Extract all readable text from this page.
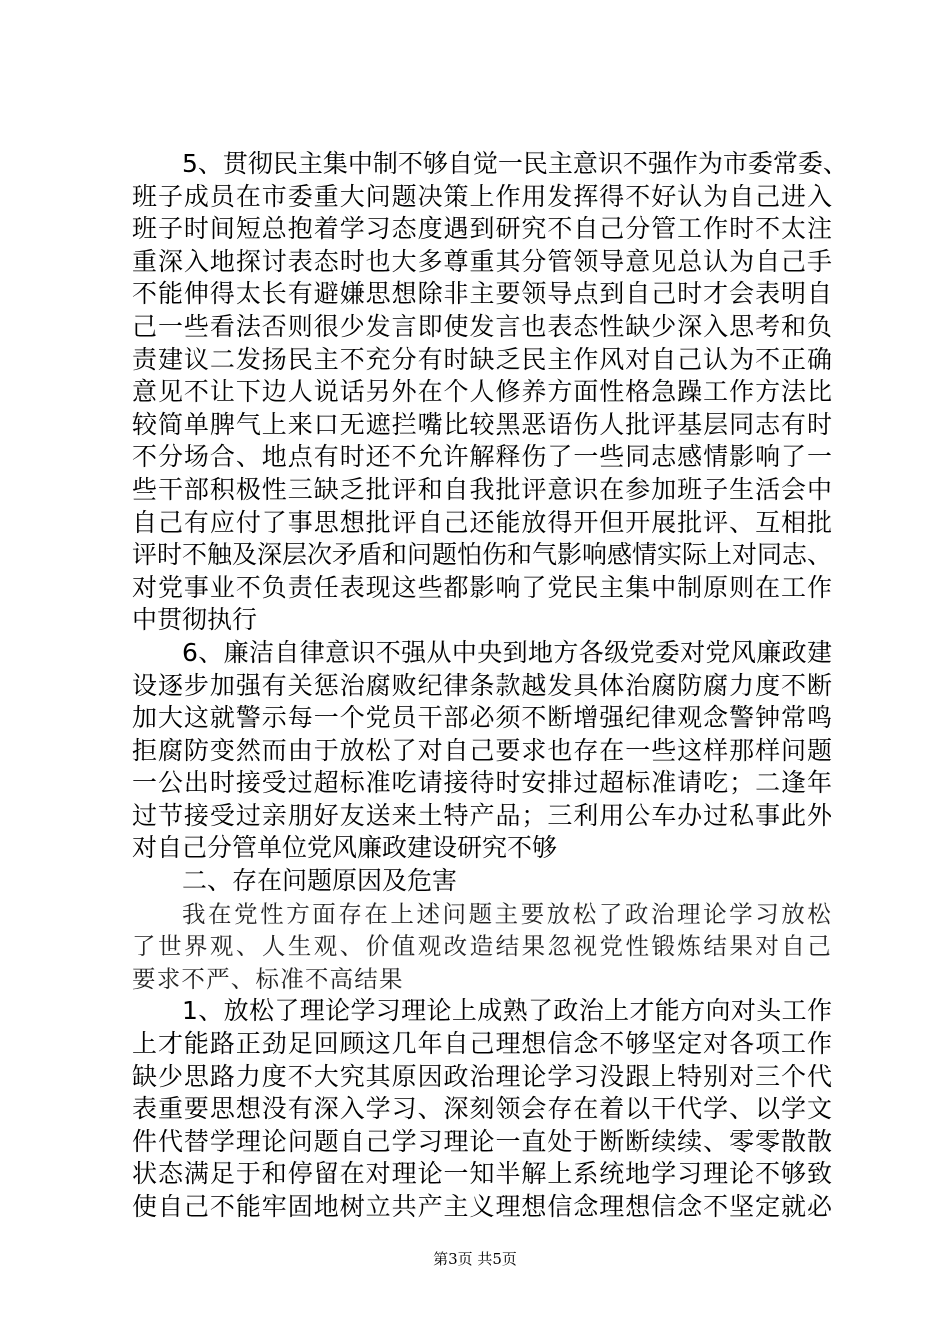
5、贯彻民主集中制不够自觉一民主意识不强作为市委常委、
班子成员在市委重大问题决策上作用发挥得不好认为自己进入
班子时间短总抱着学习态度遇到研究不自己分管工作时不太注
重深入地探讨表态时也大多尊重其分管领导意见总认为自己手
不能伸得太长有避嫌思想除非主要领导点到自己时才会表明自
己一些看法否则很少发言即使发言也表态性缺少深入思考和负
责建议二发扬民主不充分有时缺乏民主作风对自己认为不正确
意见不让下边人说话另外在个人修养方面性格急躁工作方法比
较简单脾气上来口无遮拦嘴比较黑恶语伤人批评基层同志有时
不分场合、地点有时还不允许解释伤了一些同志感情影响了一
些干部积极性三缺乏批评和自我批评意识在参加班子生活会中
自己有应付了事思想批评自己还能放得开但开展批评、互相批
评时不触及深层次矛盾和问题怕伤和气影响感情实际上对同志、
对党事业不负责任表现这些都影响了党民主集中制原则在工作
中贯彻执行
6、廉洁自律意识不强从中央到地方各级党委对党风廉政建
设逐步加强有关惩治腐败纪律条款越发具体治腐防腐力度不断
加大这就警示每一个党员干部必须不断增强纪律观念警钟常鸣
拒腐防变然而由于放松了对自己要求也存在一些这样那样问题
一公出时接受过超标准吃请接待时安排过超标准请吃；二逢年
过节接受过亲朋好友送来土特产品；三利用公车办过私事此外
对自己分管单位党风廉政建设研究不够
二、存在问题原因及危害
我在党性方面存在上述问题主要放松了政治理论学习放松
了世界观、人生观、价值观改造结果忽视党性锻炼结果对自己
要求不严、标准不高结果
1、放松了理论学习理论上成熟了政治上才能方向对头工作
上才能路正劲足回顾这几年自己理想信念不够坚定对各项工作
缺少思路力度不大究其原因政治理论学习没跟上特别对三个代
表重要思想没有深入学习、深刻领会存在着以干代学、以学文
件代替学理论问题自己学习理论一直处于断断续续、零零散散
状态满足于和停留在对理论一知半解上系统地学习理论不够致
使自己不能牢固地树立共产主义理想信念理想信念不坚定就必
第3页 共5页
